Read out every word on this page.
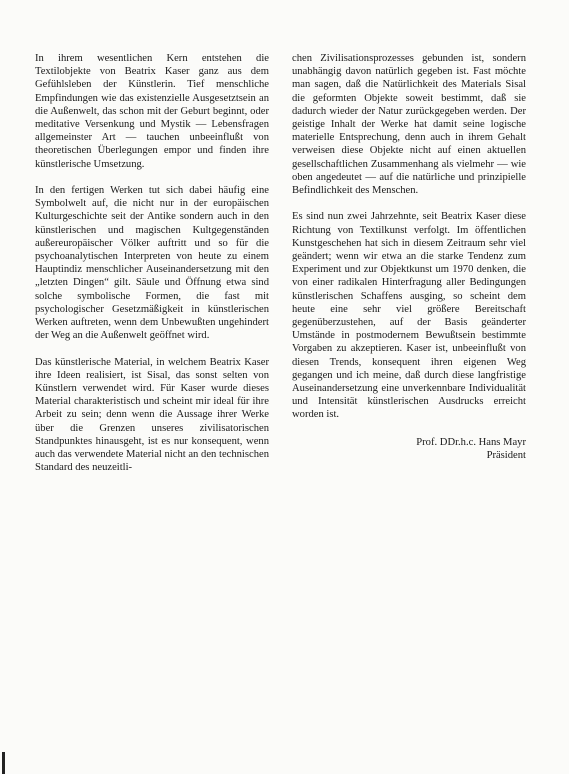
In ihrem wesentlichen Kern entstehen die Textilobjekte von Beatrix Kaser ganz aus dem Gefühlsleben der Künstlerin. Tief menschliche Empfindungen wie das existenzielle Ausgesetztsein an die Außenwelt, das schon mit der Geburt beginnt, oder meditative Versenkung und Mystik — Lebensfragen allgemeinster Art — tauchen unbeeinflußt von theoretischen Überlegungen empor und finden ihre künstlerische Umsetzung.

In den fertigen Werken tut sich dabei häufig eine Symbolwelt auf, die nicht nur in der europäischen Kulturgeschichte seit der Antike sondern auch in den künstlerischen und magischen Kultgegenständen außereuropäischer Völker auftritt und so für die psychoanalytischen Interpreten von heute zu einem Hauptindiz menschlicher Auseinandersetzung mit den „letzten Dingen“ gilt. Säule und Öffnung etwa sind solche symbolische Formen, die fast mit psychologischer Gesetzmäßigkeit in künstlerischen Werken auftreten, wenn dem Unbewußten ungehindert der Weg an die Außenwelt geöffnet wird.

Das künstlerische Material, in welchem Beatrix Kaser ihre Ideen realisiert, ist Sisal, das sonst selten von Künstlern verwendet wird. Für Kaser wurde dieses Material charakteristisch und scheint mir ideal für ihre Arbeit zu sein; denn wenn die Aussage ihrer Werke über die Grenzen unseres zivilisatorischen Standpunktes hinausgeht, ist es nur konsequent, wenn auch das verwendete Material nicht an den technischen Standard des neuzeitli-

chen Zivilisationsprozesses gebunden ist, sondern unabhängig davon natürlich gegeben ist. Fast möchte man sagen, daß die Natürlichkeit des Materials Sisal die geformten Objekte soweit bestimmt, daß sie dadurch wieder der Natur zurückgegeben werden. Der geistige Inhalt der Werke hat damit seine logische materielle Entsprechung, denn auch in ihrem Gehalt verweisen diese Objekte nicht auf einen aktuellen gesellschaftlichen Zusammenhang als vielmehr — wie oben angedeutet — auf die natürliche und prinzipielle Befindlichkeit des Menschen.

Es sind nun zwei Jahrzehnte, seit Beatrix Kaser diese Richtung von Textilkunst verfolgt. Im öffentlichen Kunstgeschehen hat sich in diesem Zeitraum sehr viel geändert; wenn wir etwa an die starke Tendenz zum Experiment und zur Objektkunst um 1970 denken, die von einer radikalen Hinterfragung aller Bedingungen künstlerischen Schaffens ausging, so scheint dem heute eine sehr viel größere Bereitschaft gegenüberzustehen, auf der Basis geänderter Umstände in postmodernem Bewußtsein bestimmte Vorgaben zu akzeptieren. Kaser ist, unbeeinflußt von diesen Trends, konsequent ihren eigenen Weg gegangen und ich meine, daß durch diese langfristige Auseinandersetzung eine unverkennbare Individualität und Intensität künstlerischen Ausdrucks erreicht worden ist.

Prof. DDr.h.c. Hans Mayr
Präsident
